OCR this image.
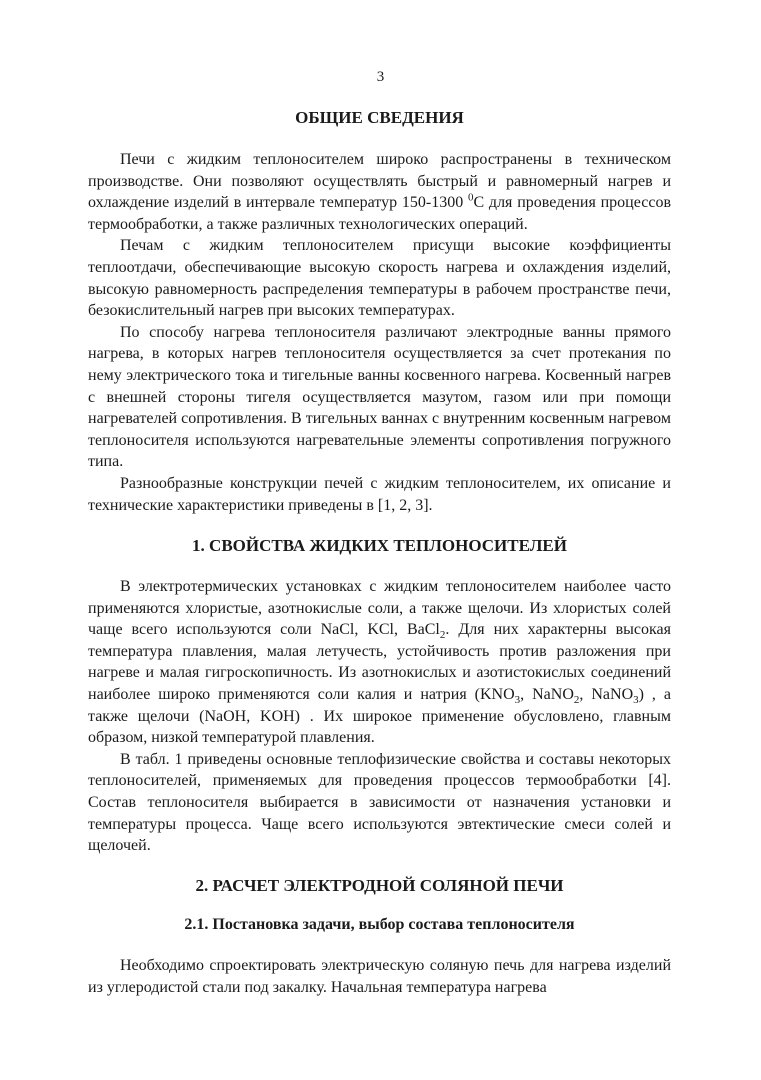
3
ОБЩИЕ СВЕДЕНИЯ

Печи с жидким теплоносителем широко распространены в техническом производстве. Они позволяют осуществлять быстрый и равномерный нагрев и охлаждение изделий в интервале температур 150-1300 $^0$С для проведения процессов термообработки, а также различных технологических операций.

Печам с жидким теплоносителем присущи высокие коэффициенты теплоотдачи, обеспечивающие высокую скорость нагрева и охлаждения изделий, высокую равномерность распределения температуры в рабочем пространстве печи, безокислительный нагрев при высоких температурах.

По способу нагрева теплоносителя различают электродные ванны прямого нагрева, в которых нагрев теплоносителя осуществляется за счет протекания по нему электрического тока и тигельные ванны косвенного нагрева. Косвенный нагрев с внешней стороны тигеля осуществляется мазутом, газом или при помощи нагревателей сопротивления. В тигельных ваннах с внутренним косвенным нагревом теплоносителя используются нагревательные элементы сопротивления погружного типа.

Разнообразные конструкции печей с жидким теплоносителем, их описание и технические характеристики приведены в [1, 2, 3].

1. СВОЙСТВА ЖИДКИХ ТЕПЛОНОСИТЕЛЕЙ

В электротермических установках с жидким теплоносителем наиболее часто применяются хлористые, азотнокислые соли, а также щелочи. Из хлористых солей чаще всего используются соли NaCl, KCl, BaCl$_2$. Для них характерны высокая температура плавления, малая летучесть, устойчивость против разложения при нагреве и малая гигроскопичность. Из азотнокислых и азотистокислых соединений наиболее широко применяются соли калия и натрия ($KNO_3$, NaNO$_2$, NaNO$_3$) , а также щелочи (NaOH, KOH) . Их широкое применение обусловлено, главным образом, низкой температурой плавления.

В табл. 1 приведены основные теплофизические свойства и составы некоторых теплоносителей, применяемых для проведения процессов термообработки [4]. Состав теплоносителя выбирается в зависимости от назначения установки и температуры процесса. Чаще всего используются эвтектические смеси солей и щелочей.

2. РАСЧЕТ ЭЛЕКТРОДНОЙ СОЛЯНОЙ ПЕЧИ
2.1. Постановка задачи, выбор состава теплоносителя

Необходимо спроектировать электрическую соляную печь для нагрева изделий из углеродистой стали под закалку. Начальная температура нагрева
